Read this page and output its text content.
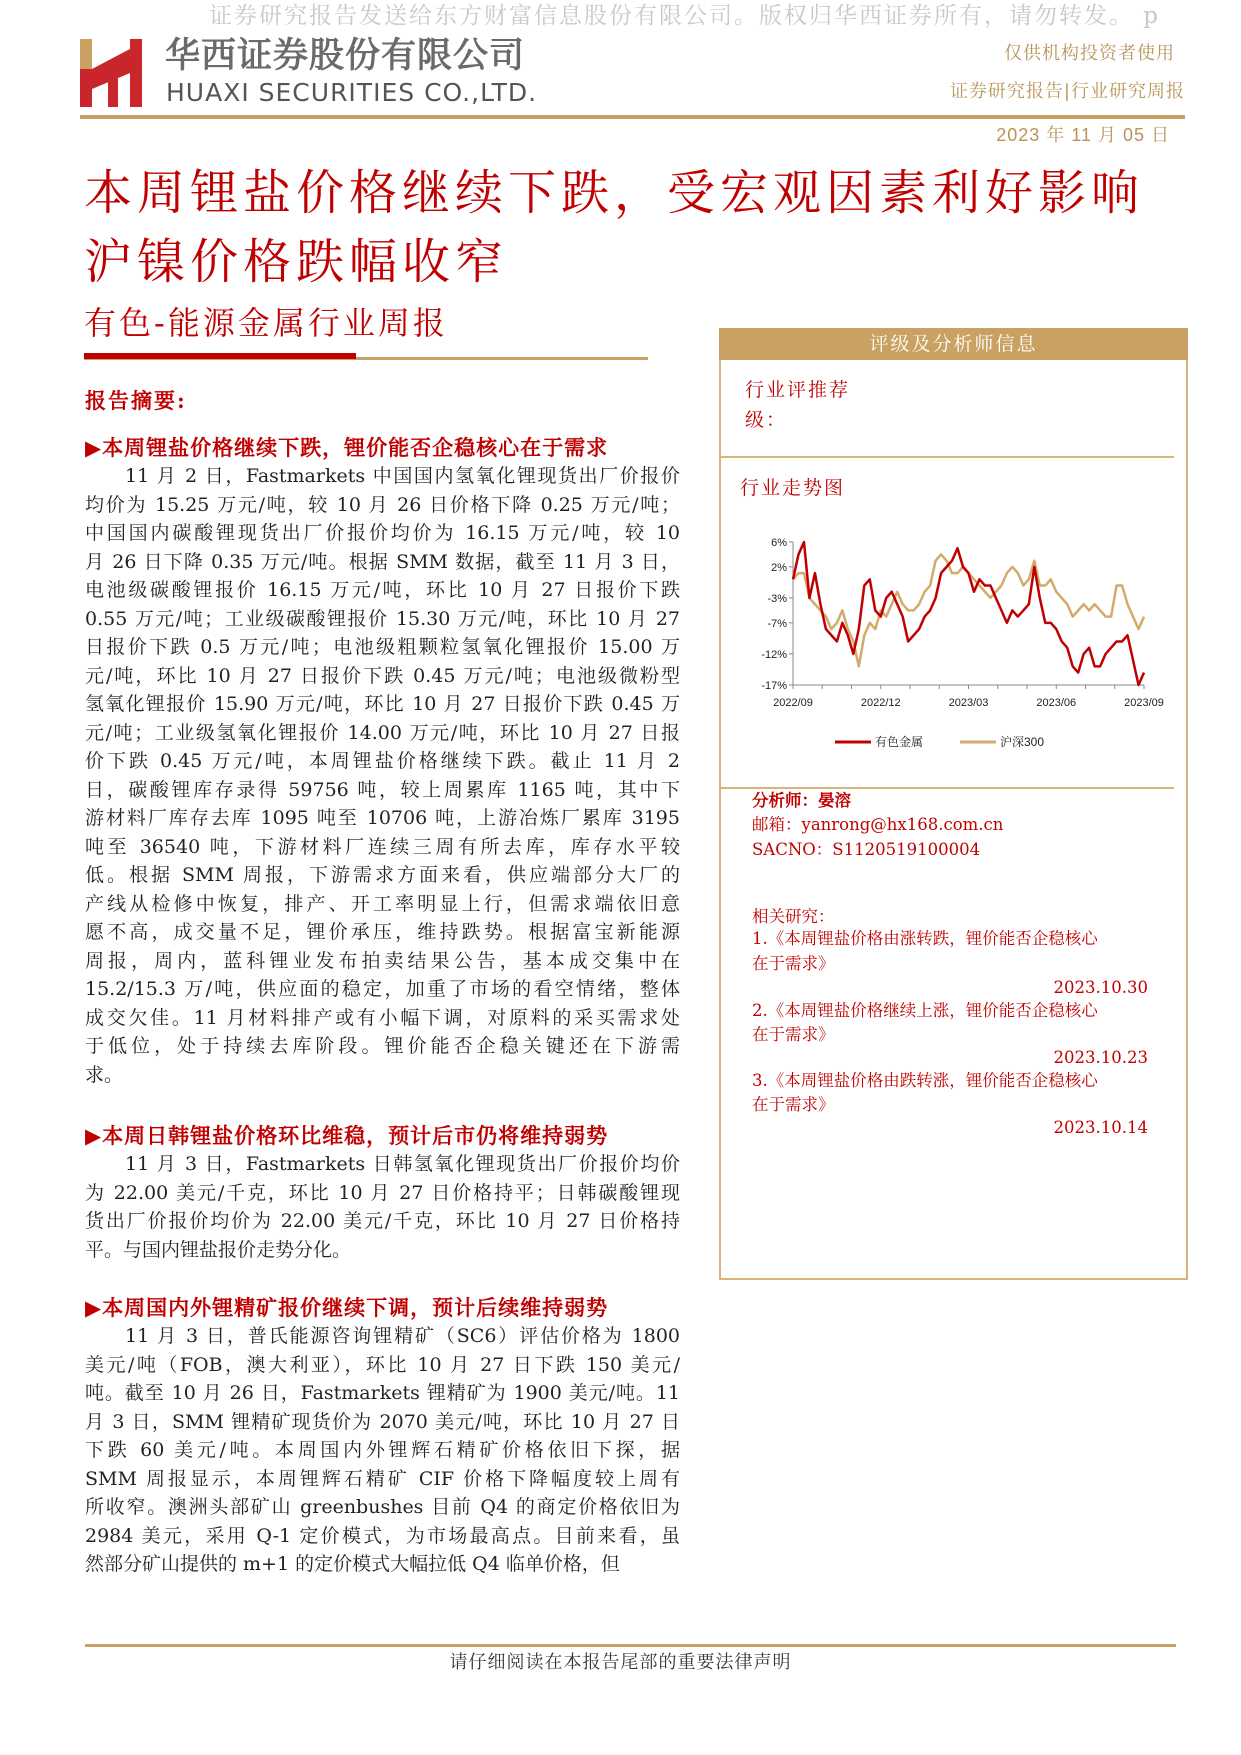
证券研究报告发送给东方财富信息股份有限公司。版权归华西证券所有，请勿转发。 p
华西证券股份有限公司
HUAXI SECURITIES CO.,LTD.
仅供机构投资者使用
证券研究报告|行业研究周报
2023 年 11 月 05 日
本周锂盐价格继续下跌，受宏观因素利好影响
沪镍价格跌幅收窄
有色-能源金属行业周报
报告摘要:
▶本周锂盐价格继续下跌，锂价能否企稳核心在于需求
11 月 2 日，Fastmarkets 中国国内氢氧化锂现货出厂价报价
均价为 15.25 万元/吨，较 10 月 26 日价格下降 0.25 万元/吨；
中国国内碳酸锂现货出厂价报价均价为 16.15 万元/吨，较 10
月 26 日下降 0.35 万元/吨。根据 SMM 数据，截至 11 月 3 日，
电池级碳酸锂报价 16.15 万元/吨，环比 10 月 27 日报价下跌
0.55 万元/吨；工业级碳酸锂报价 15.30 万元/吨，环比 10 月 27
日报价下跌 0.5 万元/吨；电池级粗颗粒氢氧化锂报价 15.00 万
元/吨，环比 10 月 27 日报价下跌 0.45 万元/吨；电池级微粉型
氢氧化锂报价 15.90 万元/吨，环比 10 月 27 日报价下跌 0.45 万
元/吨；工业级氢氧化锂报价 14.00 万元/吨，环比 10 月 27 日报
价下跌 0.45 万元/吨，本周锂盐价格继续下跌。截止 11 月 2
日，碳酸锂库存录得 59756 吨，较上周累库 1165 吨，其中下
游材料厂库存去库 1095 吨至 10706 吨，上游冶炼厂累库 3195
吨至 36540 吨，下游材料厂连续三周有所去库，库存水平较
低。根据 SMM 周报，下游需求方面来看，供应端部分大厂的
产线从检修中恢复，排产、开工率明显上行，但需求端依旧意
愿不高，成交量不足，锂价承压，维持跌势。根据富宝新能源
周报，周内，蓝科锂业发布拍卖结果公告，基本成交集中在
15.2/15.3 万/吨，供应面的稳定，加重了市场的看空情绪，整体
成交欠佳。11 月材料排产或有小幅下调，对原料的采买需求处
于低位，处于持续去库阶段。锂价能否企稳关键还在下游需
求。
▶本周日韩锂盐价格环比维稳，预计后市仍将维持弱势
11 月 3 日，Fastmarkets 日韩氢氧化锂现货出厂价报价均价
为 22.00 美元/千克，环比 10 月 27 日价格持平；日韩碳酸锂现
货出厂价报价均价为 22.00 美元/千克，环比 10 月 27 日价格持
平。与国内锂盐报价走势分化。
▶本周国内外锂精矿报价继续下调，预计后续维持弱势
11 月 3 日，普氏能源咨询锂精矿（SC6）评估价格为 1800
美元/吨（FOB，澳大利亚），环比 10 月 27 日下跌 150 美元/
吨。截至 10 月 26 日，Fastmarkets 锂精矿为 1900 美元/吨。11
月 3 日，SMM 锂精矿现货价为 2070 美元/吨，环比 10 月 27 日
下跌 60 美元/吨。本周国内外锂辉石精矿价格依旧下探，据
SMM 周报显示，本周锂辉石精矿 CIF 价格下降幅度较上周有
所收窄。澳洲头部矿山 greenbushes 目前 Q4 的商定价格依旧为
2984 美元，采用 Q-1 定价模式，为市场最高点。目前来看，虽
然部分矿山提供的 m+1 的定价模式大幅拉低 Q4 临单价格，但
评级及分析师信息
行业评推荐
级：
行业走势图
6%
2%
-3%
-7%
-12%
-17%
2022/09	2022/12	2023/03	2023/06	2023/09
有色金属	沪深300
分析师：晏溶
邮箱：yanrong@hx168.com.cn
SACNO：S1120519100004
相关研究：
1.《本周锂盐价格由涨转跌，锂价能否企稳核心
在于需求》
2023.10.30
2.《本周锂盐价格继续上涨，锂价能否企稳核心
在于需求》
2023.10.23
3.《本周锂盐价格由跌转涨，锂价能否企稳核心
在于需求》
2023.10.14
请仔细阅读在本报告尾部的重要法律声明
